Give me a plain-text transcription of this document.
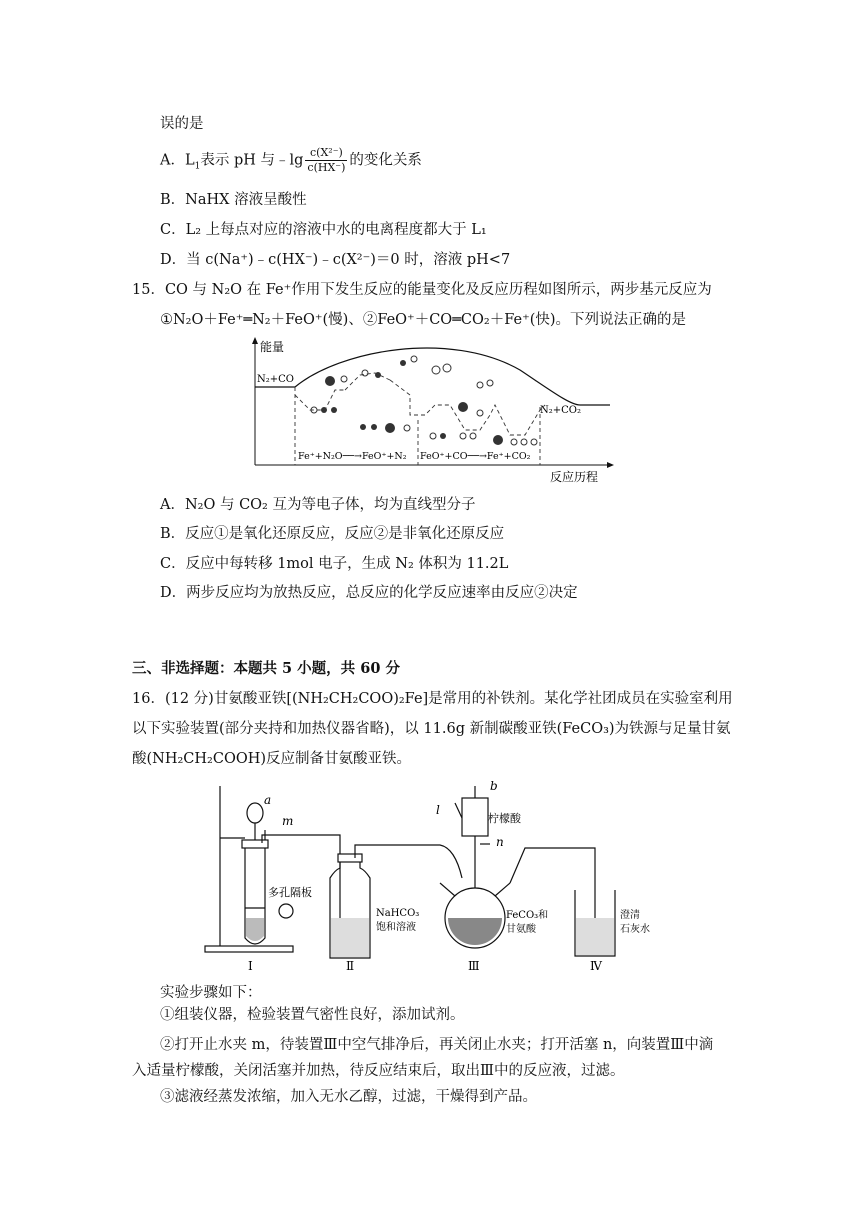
误的是
A．$L_1$表示 pH 与﹣lg $\frac{\text{c(X²⁻)}}{c(HX^-)}$ 的变化关系
B．NaHX 溶液呈酸性
C．L₂ 上每点对应的溶液中水的电离程度都大于 L₁
D．当 c(Na⁺)﹣c(HX⁻)﹣c(X²⁻)＝0 时，溶液 pH<7
15．CO 与 N₂O 在 Fe⁺作用下发生反应的能量变化及反应历程如图所示，两步基元反应为
①N₂O＋Fe⁺═N₂＋FeO⁺(慢)、②FeO⁺＋CO═CO₂＋Fe⁺(快)。下列说法正确的是
能量
反应历程
N₂+CO
N₂+CO₂
Fe⁺+N₂O──→FeO⁺+N₂ FeO⁺+CO──→Fe⁺+CO₂
A．N₂O 与 CO₂ 互为等电子体，均为直线型分子
B．反应①是氧化还原反应，反应②是非氧化还原反应
C．反应中每转移 1mol 电子，生成 N₂ 体积为 11.2L
D．两步反应均为放热反应，总反应的化学反应速率由反应②决定
三、非选择题：本题共 5 小题，共 60 分
16．(12 分)甘氨酸亚铁[(NH₂CH₂COO)₂Fe]是常用的补铁剂。某化学社团成员在实验室利用
以下实验装置(部分夹持和加热仪器省略)，以 11.6g 新制碳酸亚铁(FeCO₃)为铁源与足量甘氨
酸(NH₂CH₂COOH)反应制备甘氨酸亚铁。
a
m
b
l
n
柠檬酸
多孔隔板
NaHCO₃
饱和溶液
FeCO₃和
甘氨酸
澄清
石灰水
Ⅰ	Ⅱ	Ⅲ	Ⅳ
实验步骤如下：
①组装仪器，检验装置气密性良好，添加试剂。
②打开止水夹 m，待装置Ⅲ中空气排净后，再关闭止水夹；打开活塞 n，向装置Ⅲ中滴
入适量柠檬酸，关闭活塞并加热，待反应结束后，取出Ⅲ中的反应液，过滤。
③滤液经蒸发浓缩，加入无水乙醇，过滤，干燥得到产品。
